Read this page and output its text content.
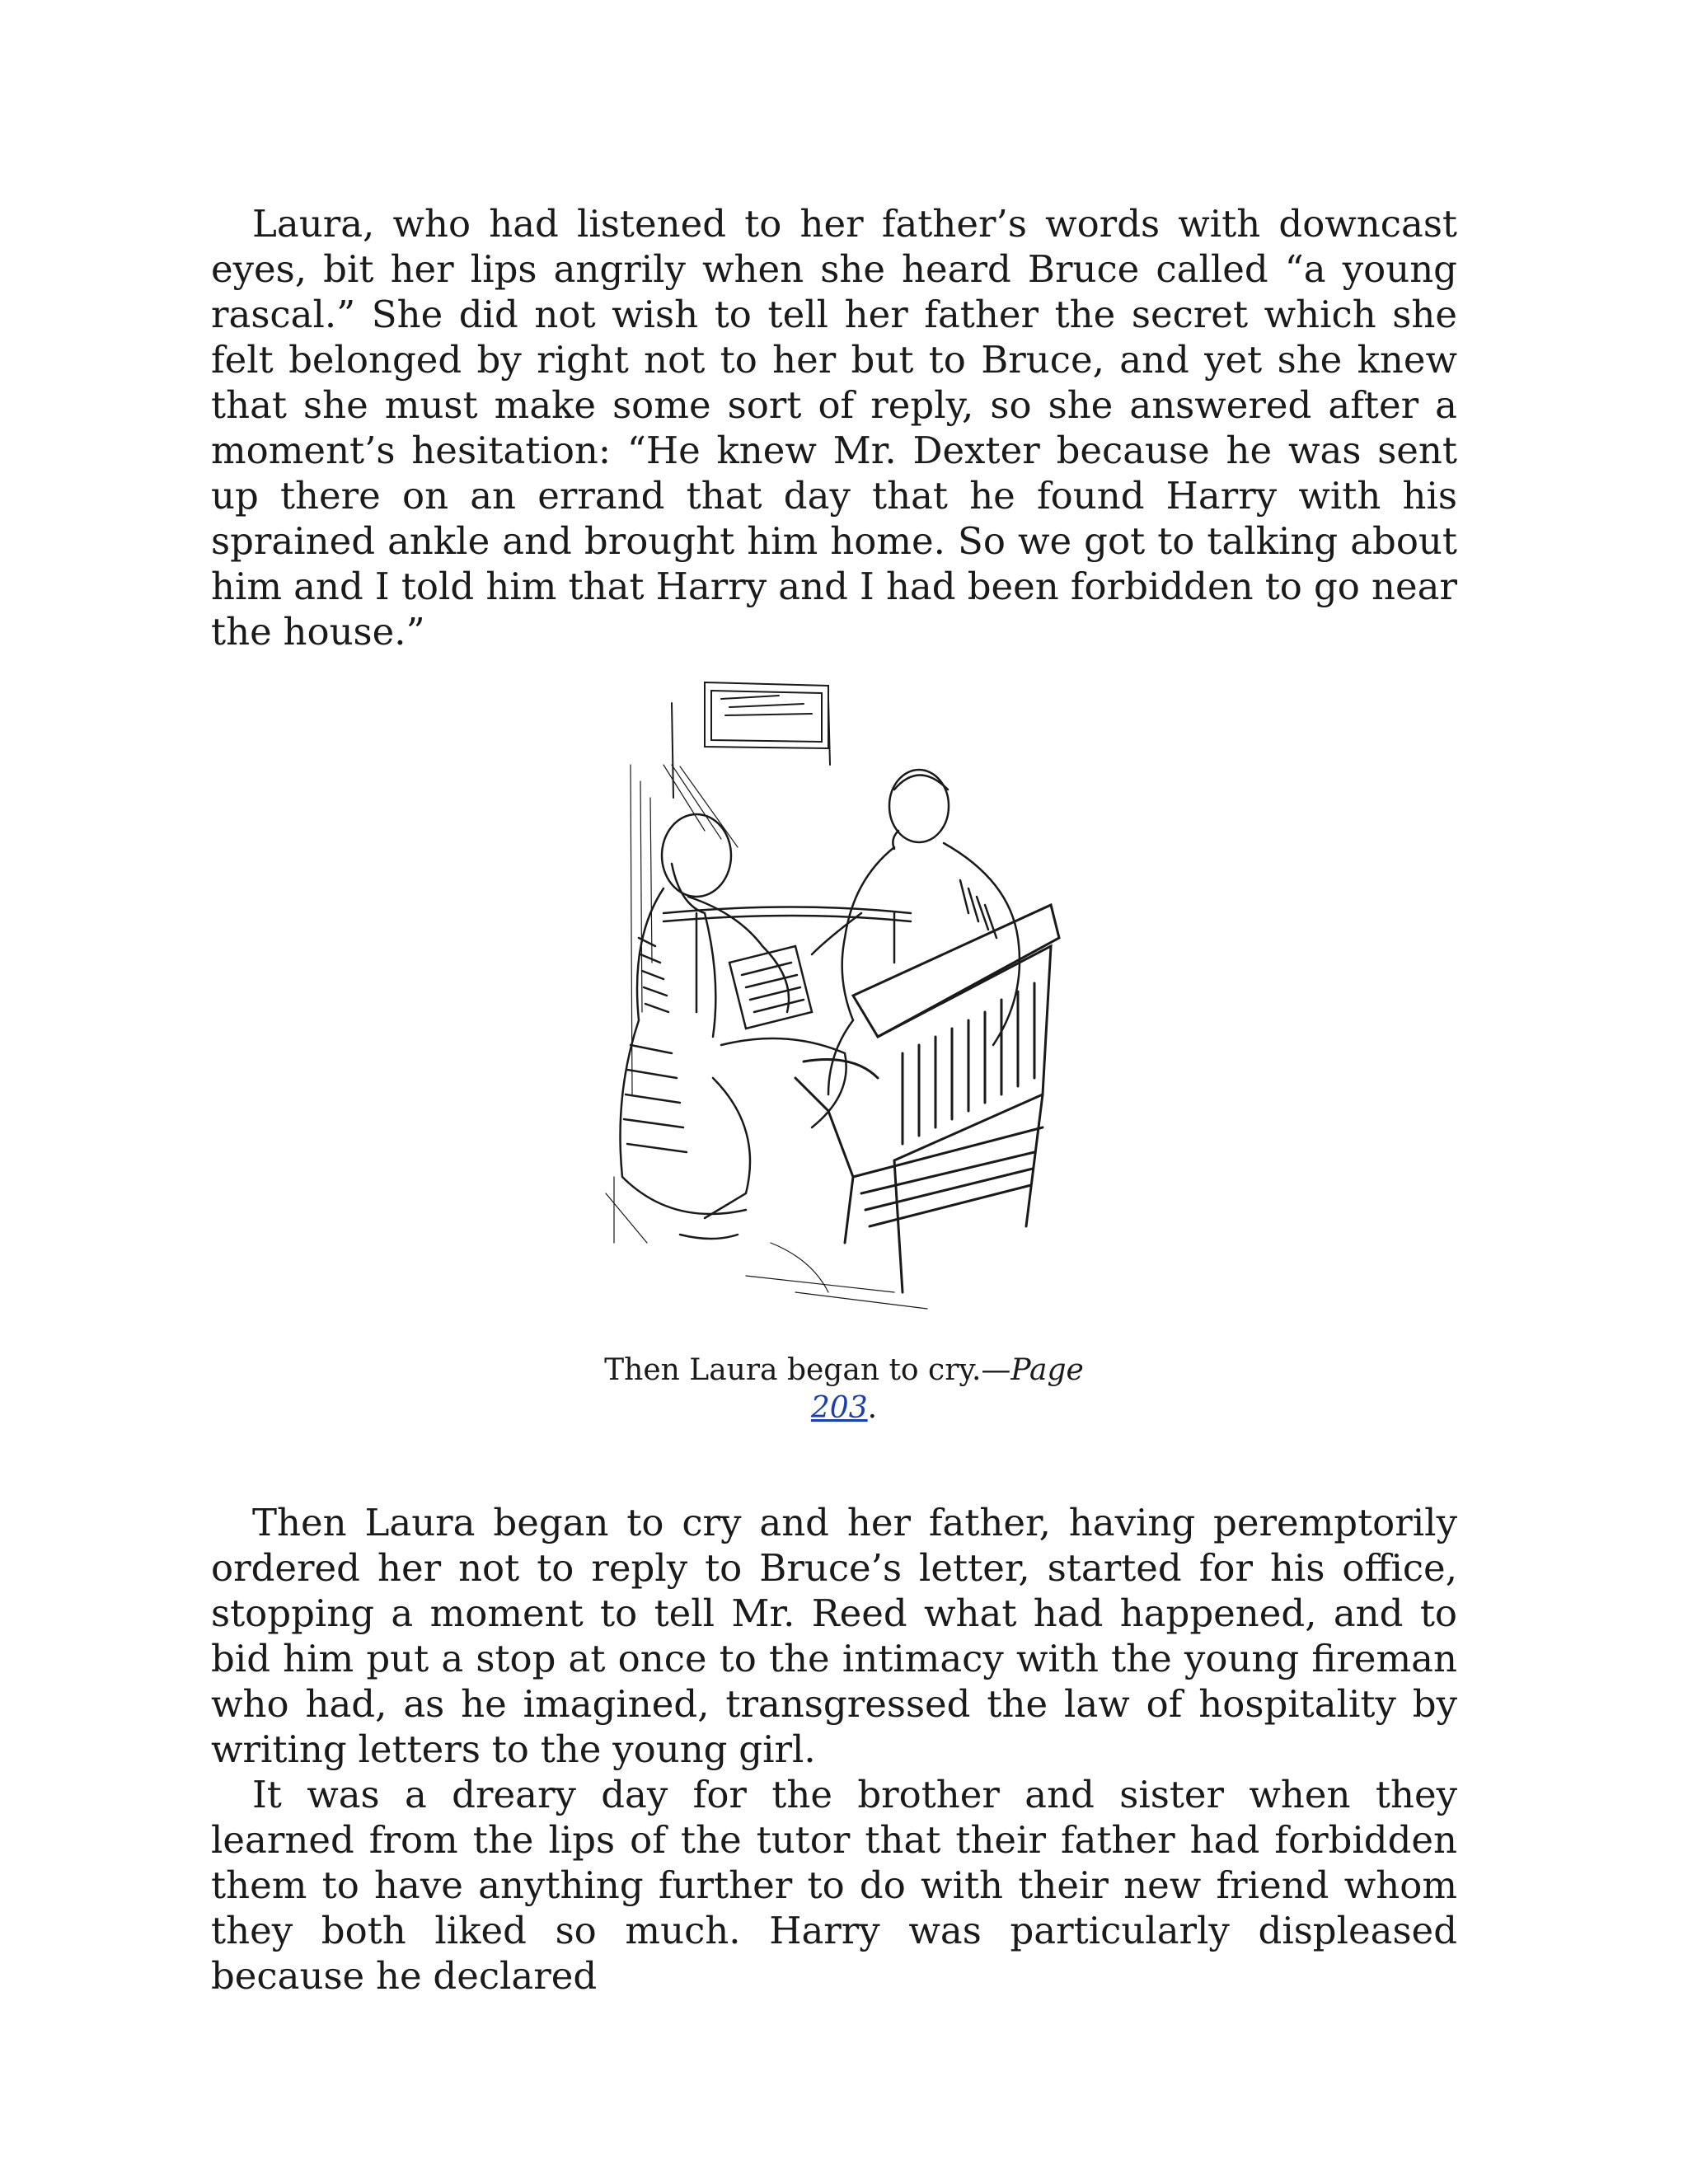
Laura, who had listened to her father’s words with downcast eyes, bit her lips angrily when she heard Bruce called “a young rascal.” She did not wish to tell her father the secret which she felt belonged by right not to her but to Bruce, and yet she knew that she must make some sort of reply, so she answered after a moment’s hesitation: “He knew Mr. Dexter because he was sent up there on an errand that day that he found Harry with his sprained ankle and brought him home. So we got to talking about him and I told him that Harry and I had been forbidden to go near the house.”

Then Laura began to cry.—Page
203.

Then Laura began to cry and her father, having peremptorily ordered her not to reply to Bruce’s letter, started for his office, stopping a moment to tell Mr. Reed what had happened, and to bid him put a stop at once to the intimacy with the young fireman who had, as he imagined, transgressed the law of hospitality by writing letters to the young girl.

It was a dreary day for the brother and sister when they learned from the lips of the tutor that their father had forbidden them to have anything further to do with their new friend whom they both liked so much. Harry was particularly displeased because he declared
